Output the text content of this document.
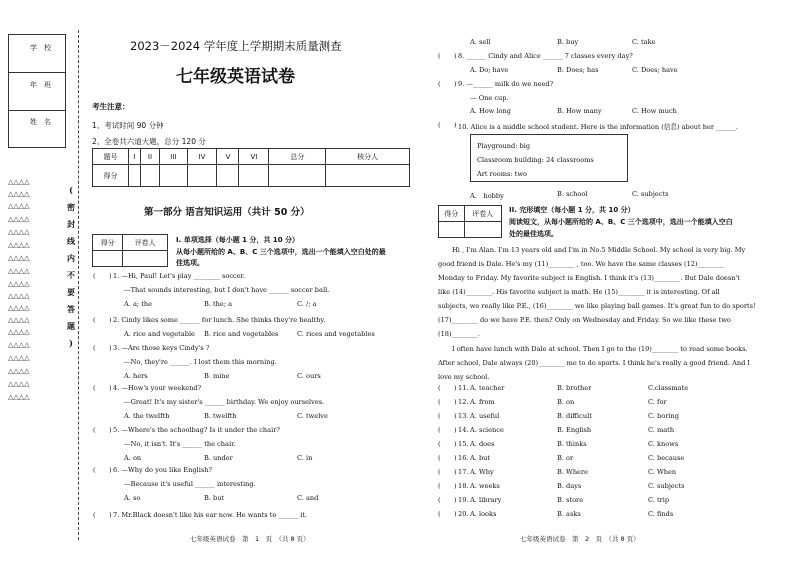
学　校
年　班
姓　名
△△△△
△△△△
△△△△
△△△△
△△△△
△△△△
△△△△
△△△△
△△△△
△△△△
△△△△
△△△△
△△△△
△△△△
△△△△
△△△△
△△△△
△△△△
(
密
封
线
内
不
要
答
题
)
2023－2024 学年度上学期期末质量测查
七年级英语试卷
考生注意：
1、考试时间 90 分钟
2、全卷共六道大题，总分 120 分
题号	I	II	III	IV	V	VI	总分	核分人
得分								
第一部分 语言知识运用（共计 50 分）
得分	评卷人
		I. 单项选择（每小题 1 分，共 10 分）
从每小题所给的 A、B、C 三个选项中，选出一个能填入空白处的最佳选项。
( ) 1. —Hi, Paul! Let's play ________ soccer.
—That sounds interesting, but I don't have ______ soccer ball.
A. a; the	B. the; a	C. /; a
( ) 2. Cindy likes some ______ for lunch. She thinks they're healthy.
A. rice and vegetable B. rice and vegetables	C. rices and vegetables
( ) 3. —Are those keys Cindy's ?
—No, they're ______. I lost them this morning.
A. hers	B. mine	C. ours
( ) 4. —How's your weekend?
—Great! It's my sister's ______ birthday. We enjoy ourselves.
A. the twelfth	B. twelfth	C. twelve
( ) 5. —Where's the schoolbag? Is it under the chair?
—No, it isn't. It's ______ the chair.
A. on	B. under	C. in
( ) 6. —Why do you like English?
—Because it's useful ______ interesting.
A. so	B. but	C. and
( ) 7. Mr.Black doesn't like his ear now. He wants to ______ it.
七年级英语试卷　第　1　页　（共 8 页）
A. sell	B. buy	C. take
( ) 8. ______ Cindy and Alice ______ 7 classes every day?
A. Do; have	B. Does; has	C. Does; have
( ) 9. —______ milk do we need?
— One cup.
A. How long	B. How many	C. How much
( ) 10. Alice is a middle school student. Here is the information (信息) about her ______.
Playground: big
Classroom building: 24 classrooms
Art rooms: two
A.　hobby	B. school	C. subjects
得分	评卷人
	II. 完形填空（每小题 1 分，共 10 分）
阅读短文，从每小题所给的 A、B、C 三个选项中，选出一个能填入空白
处的最佳选项。
Hi , I'm Alan. I'm 13 years old and I'm in No.5 Middle School. My school is very big. My
good friend is Dale. He's my (11)________ , too. We have the same classes (12)________
Monday to Friday. My favorite subject is English. I think it's (13)________. But Dale doesn't
like (14)________. His favorite subject is math. He (15)________ it is interesting. Of all
subjects, we really like P.E., (16)________ we like playing ball games. It's great fun to do sports!
(17)________ do we have P.E. then? Only on Wednesday and Friday. So we like these two
(18)________.
I often have lunch with Dale at school. Then I go to the (19)________ to read some books.
After school, Dale always (20)________ me to do sports. I think he's really a good friend. And I
love my school.
( ) 11. A. teacher	B. brother	C.classmate
( ) 12. A. from	B. on	C. for
( ) 13. A. useful	B. difficult	C. boring
( ) 14. A. science	B. English	C. math
( ) 15. A. does	B. thinks	C. knows
( ) 16. A. but	B. or	C. because
( ) 17. A. Why	B. Where	C. When
( ) 18. A. weeks	B. days	C. subjects
( ) 19. A. library	B. store	C. trip
( ) 20. A. looks	B. asks	C. finds
七年级英语试卷　第　2　页　（共 8 页）
